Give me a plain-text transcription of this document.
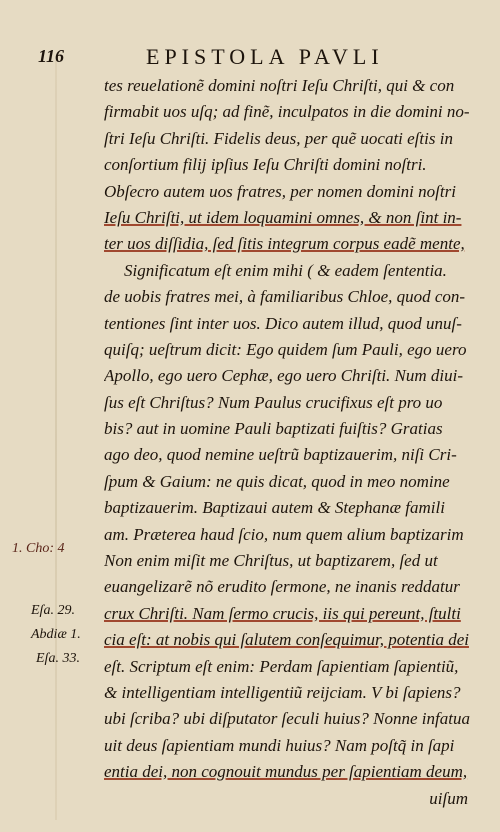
116	EPISTOLA PAVLI
tes reuelationẽ domini noſtri Ieſu Chriſti, qui & con
firmabit uos uſq; ad finẽ, inculpatos in die domini no-
ſtri Ieſu Chriſti. Fidelis deus, per quẽ uocati eſtis in
conſortium filij ipſius Ieſu Chriſti domini noſtri.
Obſecro autem uos fratres, per nomen domini noſtri
Ieſu Chriſti, ut idem loquamini omnes, & non ſint in-
ter uos diſſidia, ſed ſitis integrum corpus eadẽ mente,
Significatum eſt enim mihi ( & eadem ſententia.
de uobis fratres mei, à familiaribus Chloe, quod con-
tentiones ſint inter uos. Dico autem illud, quod unuſ-
quiſq; ueſtrum dicit: Ego quidem ſum Pauli, ego uero
Apollo, ego uero Cephæ, ego uero Chriſti. Num diui-
ſus eſt Chriſtus? Num Paulus crucifixus eſt pro uo
bis? aut in uomine Pauli baptizati fuiſtis? Gratias
ago deo, quod nemine ueſtrũ baptizauerim, niſi Cri-
ſpum & Gaium: ne quis dicat, quod in meo nomine
baptizauerim. Baptizaui autem & Stephanæ famili
am. Præterea haud ſcio, num quem alium baptizarim
Non enim miſit me Chriſtus, ut baptizarem, ſed ut
euangelizarẽ nõ erudito ſermone, ne inanis reddatur
crux Chriſti. Nam ſermo crucis, iis qui pereunt, ſtulti
cia eſt: at nobis qui ſalutem conſequimur, potentia dei
eſt. Scriptum eſt enim: Perdam ſapientiam ſapientiũ,
& intelligentiam intelligentiũ reijciam. V bi ſapiens?
ubi ſcriba? ubi diſputator ſeculi huius? Nonne infatua
uit deus ſapientiam mundi huius? Nam poſtq̃ in ſapi
entia dei, non cognouit mundus per ſapientiam deum,
uiſum
1. Cho: 4
Eſa. 29.
Abdiæ 1.
Eſa. 33.
